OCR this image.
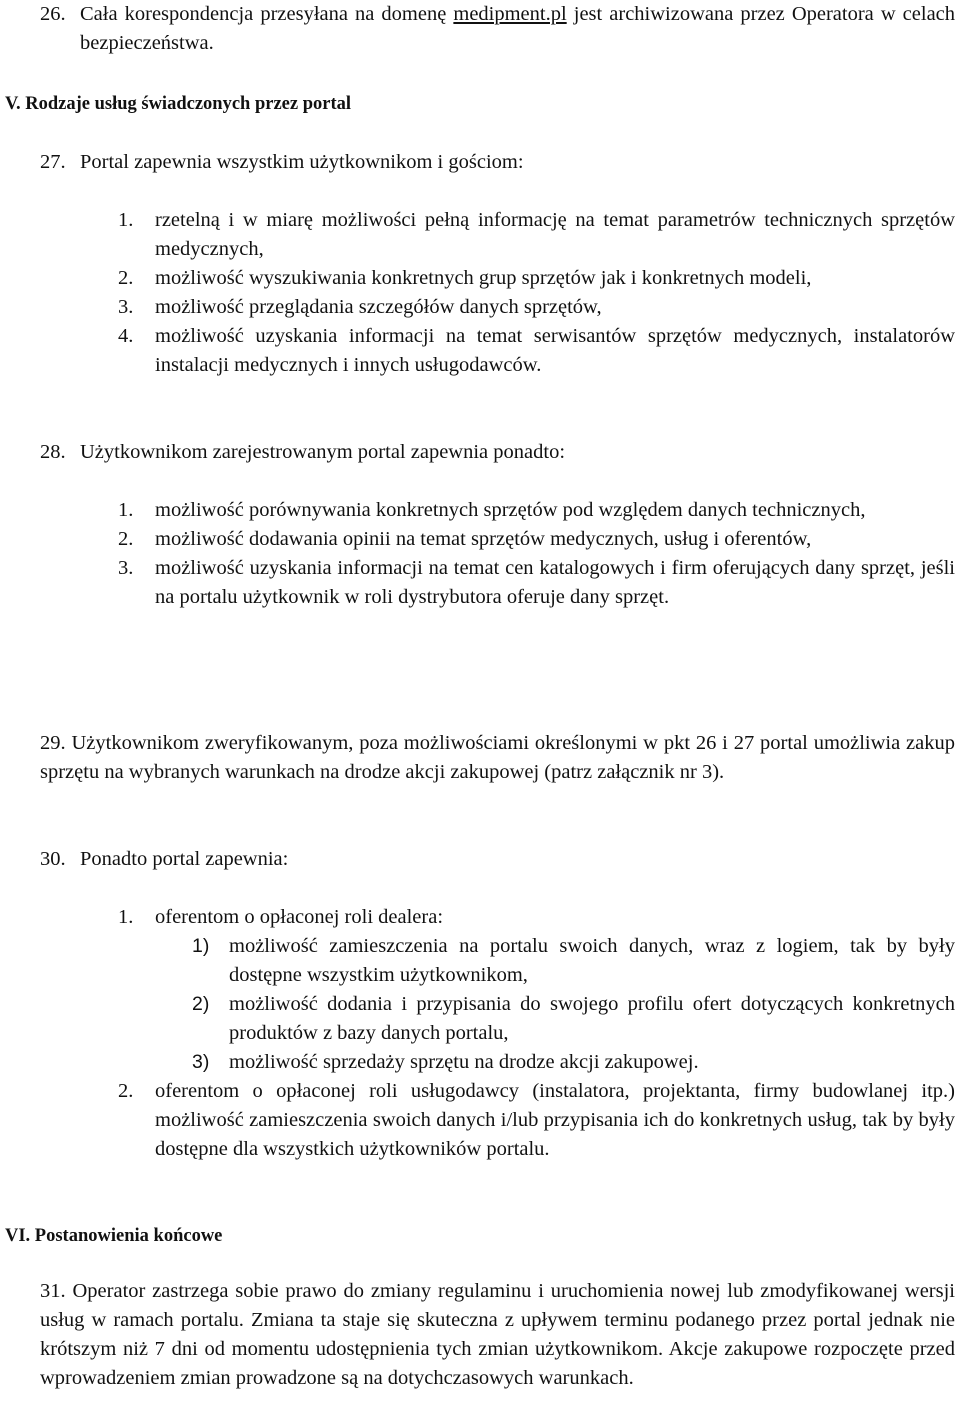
26. Cała korespondencja przesyłana na domenę medipment.pl jest archiwizowana przez Operatora w celach bezpieczeństwa.
V. Rodzaje usług świadczonych przez portal
27. Portal zapewnia wszystkim użytkownikom i gościom:
1.	rzetelną i w miarę możliwości pełną informację na temat parametrów technicznych sprzętów medycznych,
2.	możliwość wyszukiwania konkretnych grup sprzętów jak i konkretnych modeli,
3.	możliwość przeglądania szczegółów danych sprzętów,
4.	możliwość uzyskania informacji na temat serwisantów sprzętów medycznych, instalatorów instalacji medycznych i innych usługodawców.
28. Użytkownikom zarejestrowanym portal zapewnia ponadto:
1.	możliwość porównywania konkretnych sprzętów pod względem danych technicznych,
2.	możliwość dodawania opinii na temat sprzętów medycznych, usług i oferentów,
3.	możliwość uzyskania informacji na temat cen katalogowych i firm oferujących dany sprzęt, jeśli na portalu użytkownik w roli dystrybutora oferuje dany sprzęt.
29. Użytkownikom zweryfikowanym, poza możliwościami określonymi w pkt 26 i 27 portal umożliwia zakup sprzętu na wybranych warunkach na drodze akcji zakupowej (patrz załącznik nr 3).
30. Ponadto portal zapewnia:
1.	oferentom o opłaconej roli dealera:
1) możliwość zamieszczenia na portalu swoich danych, wraz z logiem, tak by były dostępne wszystkim użytkownikom,
2) możliwość dodania i przypisania do swojego profilu ofert dotyczących konkretnych produktów z bazy danych portalu,
3) możliwość sprzedaży sprzętu na drodze akcji zakupowej.
2.	oferentom o opłaconej roli usługodawcy (instalatora, projektanta, firmy budowlanej itp.) możliwość zamieszczenia swoich danych i/lub przypisania ich do konkretnych usług, tak by były dostępne dla wszystkich użytkowników portalu.
VI. Postanowienia końcowe
31. Operator zastrzega sobie prawo do zmiany regulaminu i uruchomienia nowej lub zmodyfikowanej wersji usług w ramach portalu. Zmiana ta staje się skuteczna z upływem terminu podanego przez portal jednak nie krótszym niż 7 dni od momentu udostępnienia tych zmian użytkownikom. Akcje zakupowe rozpoczęte przed wprowadzeniem zmian prowadzone są na dotychczasowych warunkach.
